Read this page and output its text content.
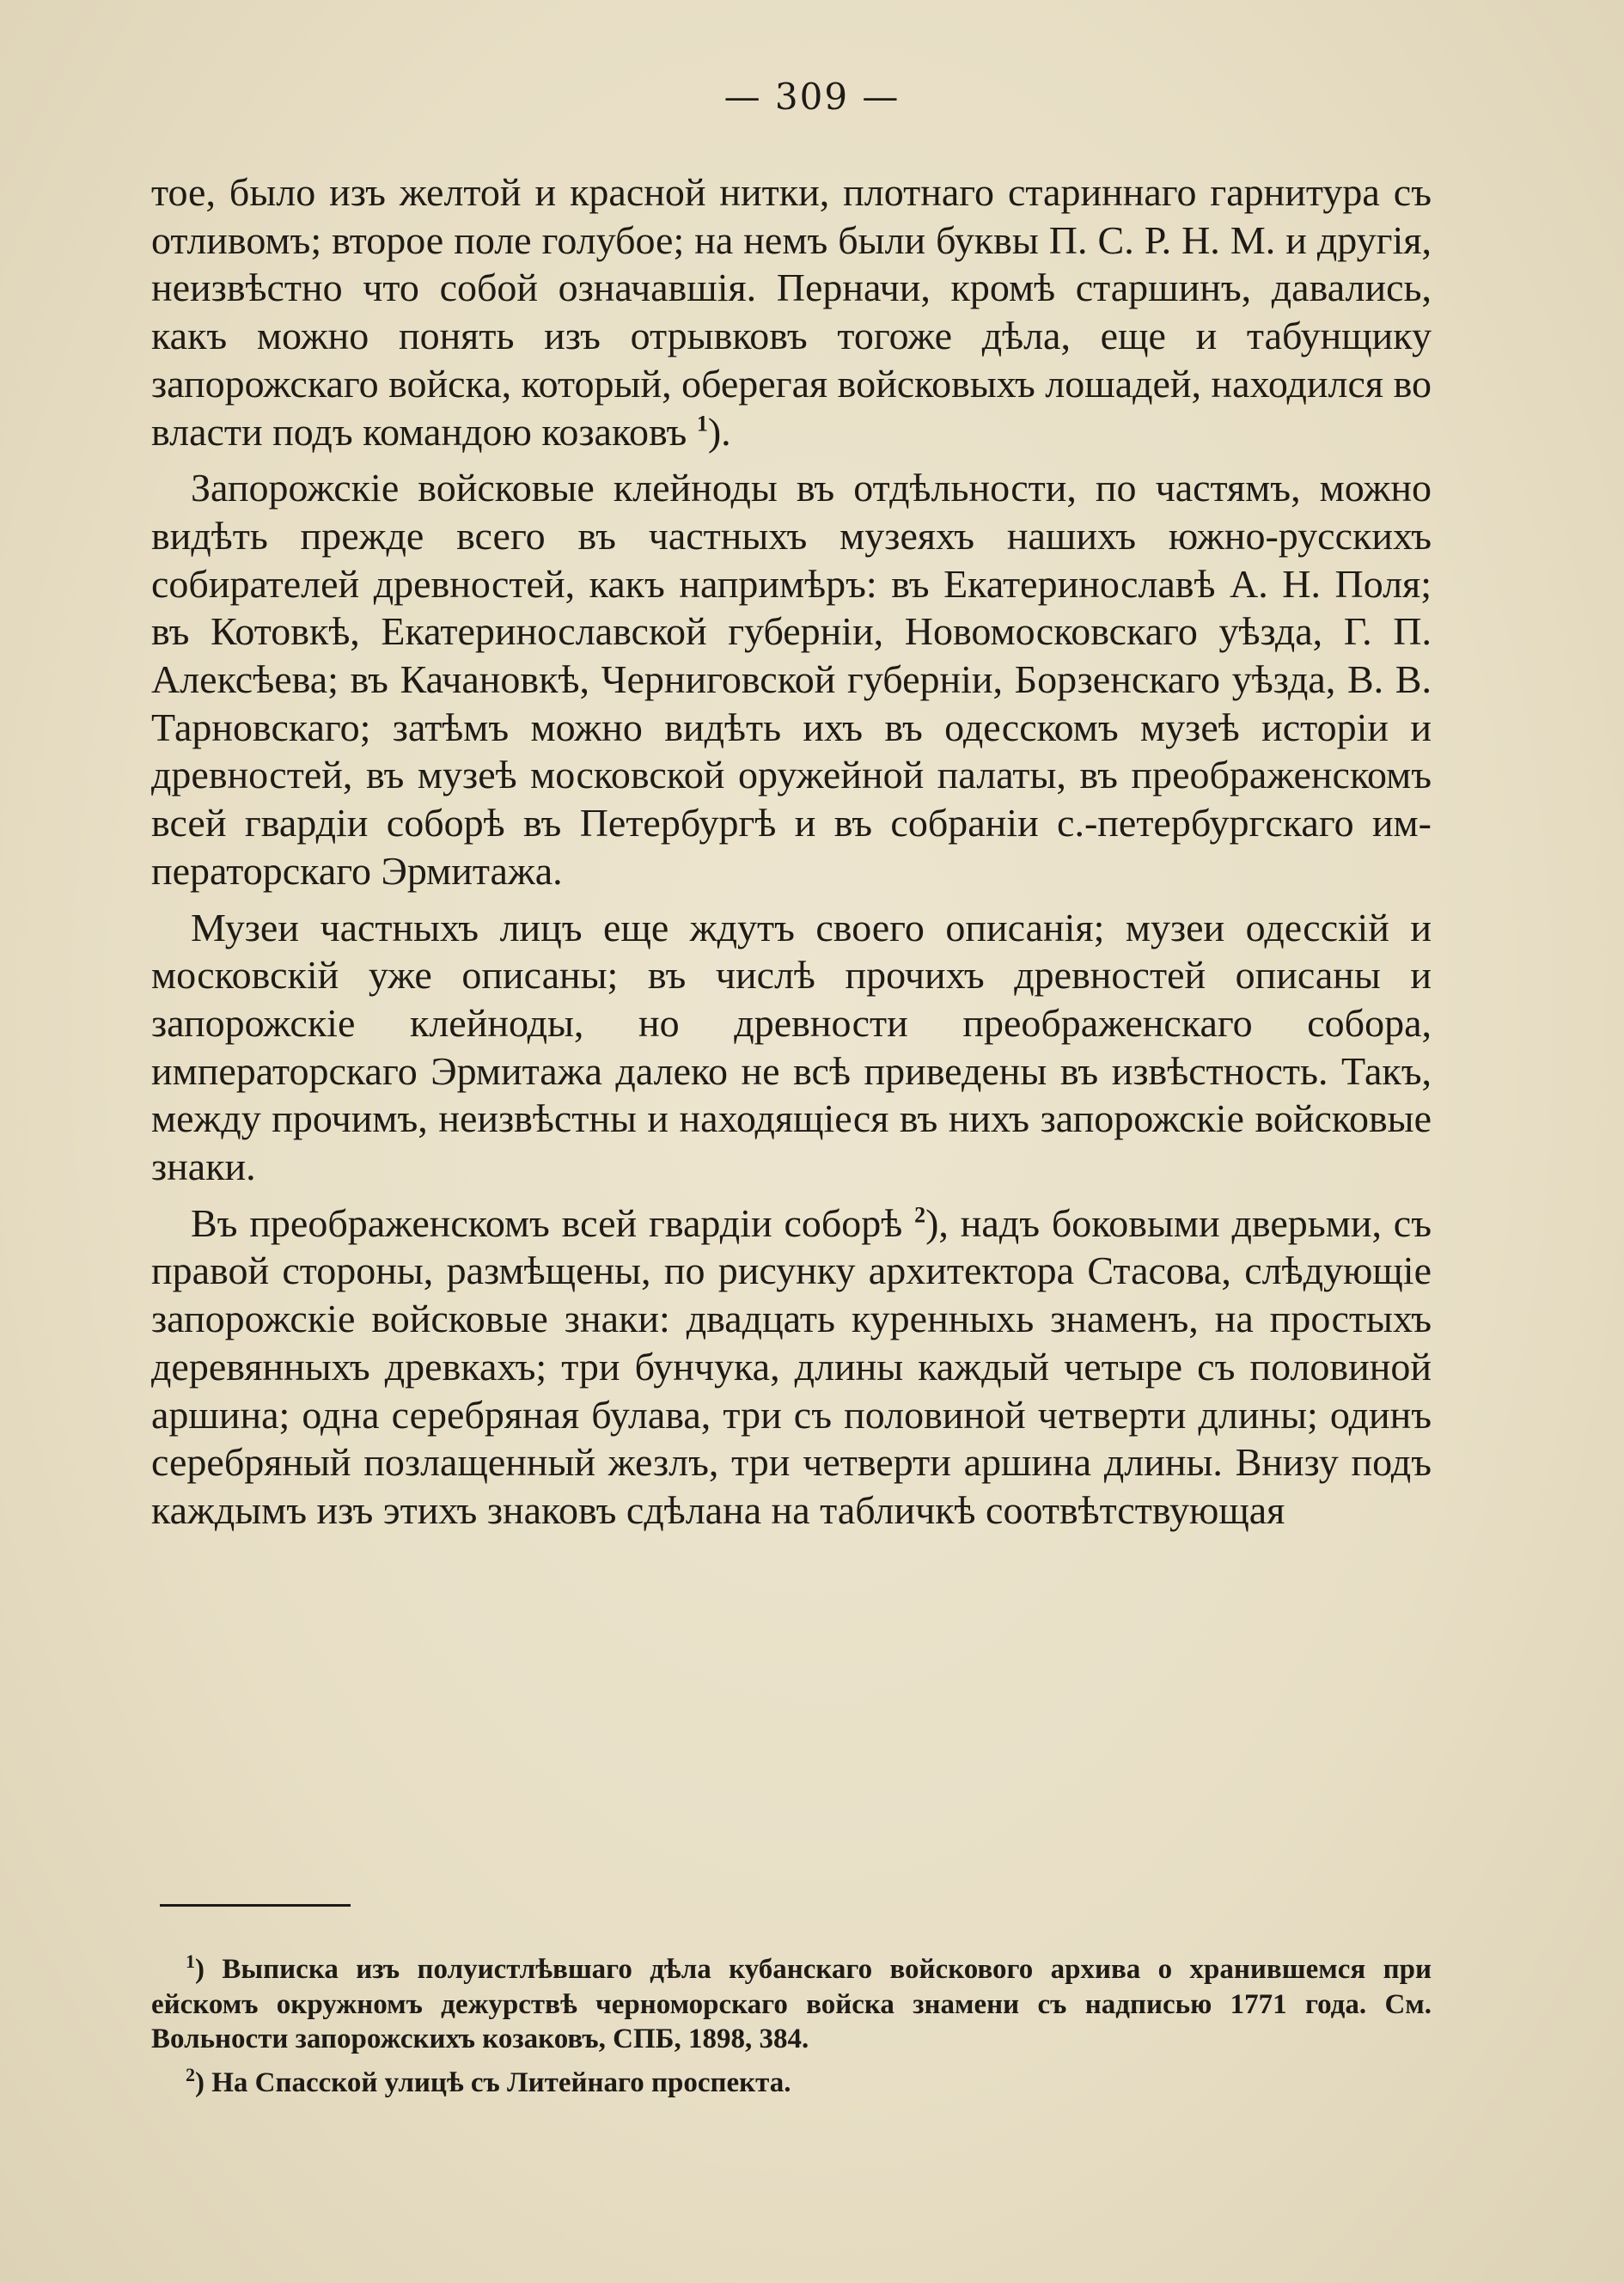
— 309 —

тое, было изъ желтой и красной нитки, плотнаго стариннаго гарнитура съ отливомъ; второе поле голубое; на немъ были буквы П. С. Р. Н. М. и другія, неизвѣстно что собой означавшія. Перначи, кромѣ старшинъ, давались, какъ можно понять изъ отрывковъ тогоже дѣла, еще и табунщику запорожскаго войска, который, оберегая войсковыхъ лошадей, находился во власти подъ командою козаковъ $^1$).

Запорожскіе войсковые клейноды въ отдѣльности, по частямъ, можно видѣть прежде всего въ частныхъ музеяхъ нашихъ южно-русскихъ собирателей древностей, какъ напримѣръ: въ Екатеринославѣ А. Н. Поля; въ Котовкѣ, Екатеринославской губерніи, Новомосковскаго уѣзда, Г. П. Алексѣева; въ Качановкѣ, Черниговской губерніи, Борзенскаго уѣзда, В. В. Тарновскаго; затѣмъ можно видѣть ихъ въ одесскомъ музеѣ исторіи и древностей, въ музеѣ московской оружейной палаты, въ преображенскомъ всей гвардіи соборѣ въ Петербургѣ и въ собраніи с.-петербургскаго императорскаго Эрмитажа.

Музеи частныхъ лицъ еще ждутъ своего описанія; музеи одесскій и московскій уже описаны; въ числѣ прочихъ древностей описаны и запорожскіе клейноды, но древности преображенскаго собора, императорскаго Эрмитажа далеко не всѣ приведены въ извѣстность. Такъ, между прочимъ, неизвѣстны и находящіеся въ нихъ запорожскіе войсковые знаки.

Въ преображенскомъ всей гвардіи соборѣ $^2$), надъ боковыми дверьми, съ правой стороны, размѣщены, по рисунку архитектора Стасова, слѣдующіе запорожскіе войсковые знаки: двадцать куренныхь знаменъ, на простыхъ деревянныхъ древкахъ; три бунчука, длины каждый четыре съ половиной аршина; одна серебряная булава, три съ половиной четверти длины; одинъ серебряный позлащенный жезлъ, три четверти аршина длины. Внизу подъ каждымъ изъ этихъ знаковъ сдѣлана на табличкѣ соотвѣтствующая

$^1$) Выписка изъ полуистлѣвшаго дѣла кубанскаго войскового архива о хранившемся при ейскомъ окружномъ дежурствѣ черноморскаго войска знамени съ надписью 1771 года. См. Вольности запорожскихъ козаковъ, СПБ, 1898, 384.

$^2$) На Спасской улицѣ съ Литейнаго проспекта.
